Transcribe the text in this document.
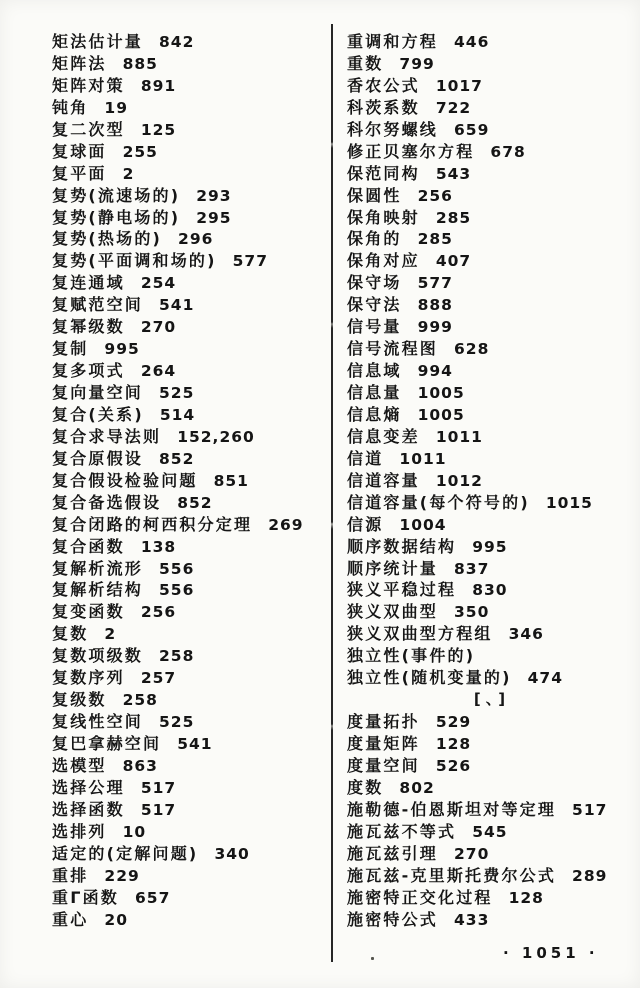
矩法估计量 842
矩阵法 885
矩阵对策 891
钝角 19
复二次型 125
复球面 255
复平面 2
复势(流速场的) 293
复势(静电场的) 295
复势(热场的) 296
复势(平面调和场的) 577
复连通域 254
复赋范空间 541
复幂级数 270
复制 995
复多项式 264
复向量空间 525
复合(关系) 514
复合求导法则 152,260
复合原假设 852
复合假设检验问题 851
复合备选假设 852
复合闭路的柯西积分定理 269
复合函数 138
复解析流形 556
复解析结构 556
复变函数 256
复数 2
复数项级数 258
复数序列 257
复级数 258
复线性空间 525
复巴拿赫空间 541
选模型 863
选择公理 517
选择函数 517
选排列 10
适定的(定解问题) 340
重排 229
重Γ函数 657
重心 20
重调和方程 446
重数 799
香农公式 1017
科茨系数 722
科尔努螺线 659
修正贝塞尔方程 678
保范同构 543
保圆性 256
保角映射 285
保角的 285
保角对应 407
保守场 577
保守法 888
信号量 999
信号流程图 628
信息域 994
信息量 1005
信息熵 1005
信息变差 1011
信道 1011
信道容量 1012
信道容量(每个符号的) 1015
信源 1004
顺序数据结构 995
顺序统计量 837
狭义平稳过程 830
狭义双曲型 350
狭义双曲型方程组 346
独立性(事件的)
独立性(随机变量的) 474
[、]
度量拓扑 529
度量矩阵 128
度量空间 526
度数 802
施勒德-伯恩斯坦对等定理 517
施瓦兹不等式 545
施瓦兹引理 270
施瓦兹-克里斯托费尔公式 289
施密特正交化过程 128
施密特公式 433
· 1051 ·
